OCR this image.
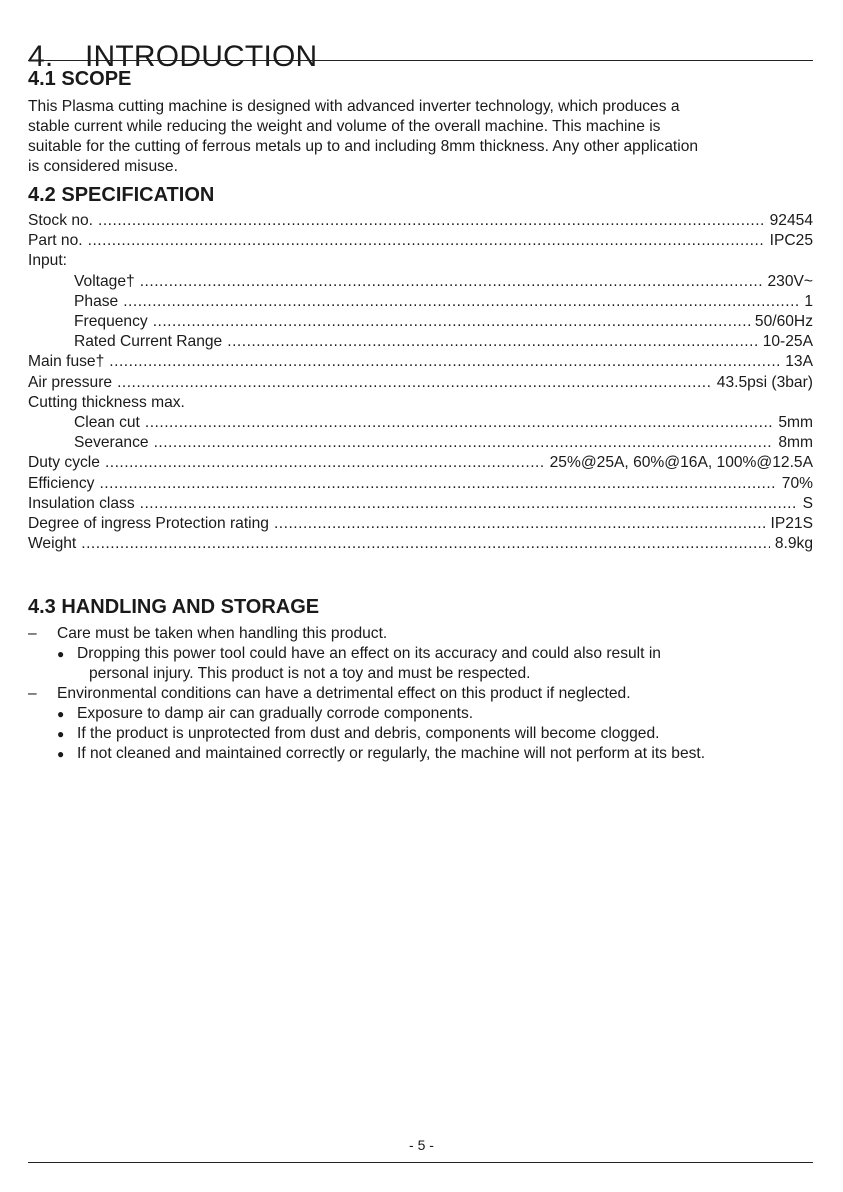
4. INTRODUCTION
4.1 SCOPE
This Plasma cutting machine is designed with advanced inverter technology, which produces a
stable current while reducing the weight and volume of the overall machine. This machine is
suitable for the cutting of ferrous metals up to and including 8mm thickness. Any other application
is considered misuse.
4.2 SPECIFICATION
Stock no. .....	92454
Part no. .....	IPC25
Input:
Voltage† .....	230V~
Phase .....	1
Frequency .....	50/60Hz
Rated Current Range .....	10-25A
Main fuse† .....	13A
Air pressure .....	43.5psi (3bar)
Cutting thickness max.
Clean cut .....	5mm
Severance .....	8mm
Duty cycle .....	25%@25A, 60%@16A, 100%@12.5A
Efficiency .....	70%
Insulation class .....	S
Degree of ingress Protection rating .....	IP21S
Weight .....	8.9kg
4.3 HANDLING AND STORAGE
– Care must be taken when handling this product.
● Dropping this power tool could have an effect on its accuracy and could also result in
personal injury. This product is not a toy and must be respected.
– Environmental conditions can have a detrimental effect on this product if neglected.
● Exposure to damp air can gradually corrode components.
● If the product is unprotected from dust and debris, components will become clogged.
● If not cleaned and maintained correctly or regularly, the machine will not perform at its best.
- 5 -
